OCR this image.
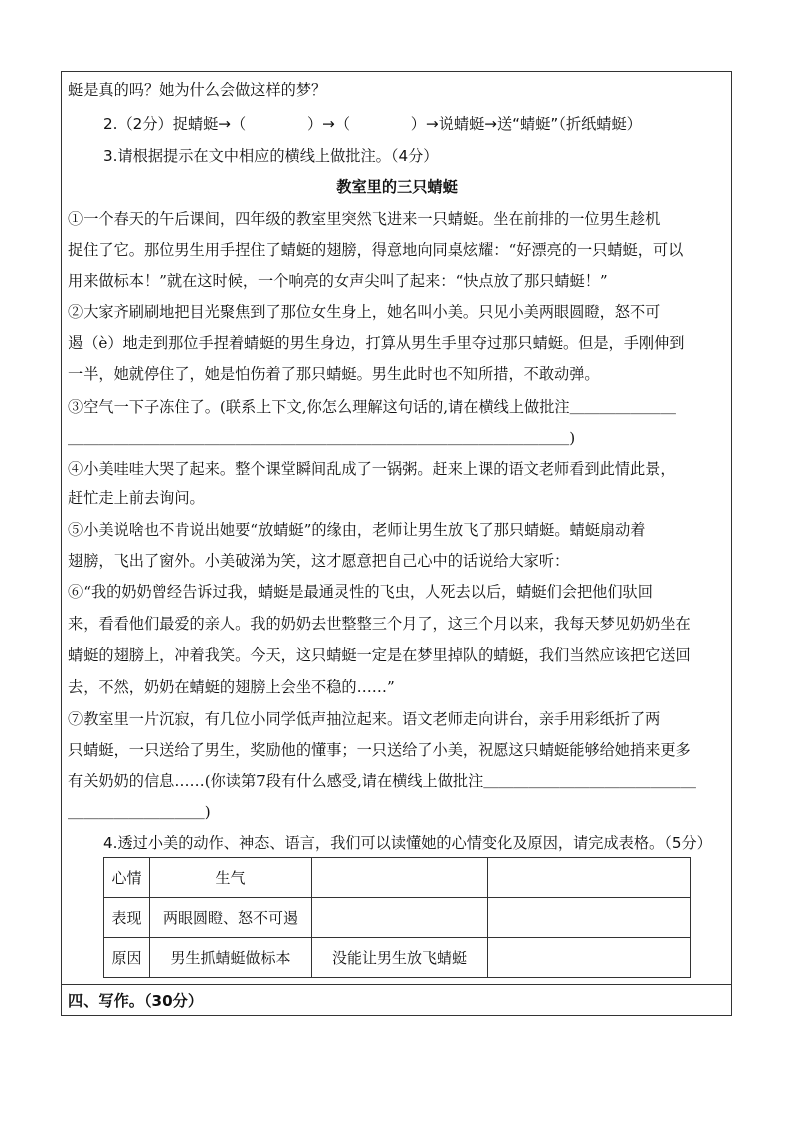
蜓是真的吗？她为什么会做这样的梦？
2.（2分）捉蜻蜓→（　　　　）→（　　　　）→说蜻蜓→送“蜻蜓”（折纸蜻蜓）
3.请根据提示在文中相应的横线上做批注。（4分）
教室里的三只蜻蜓
①一个春天的午后课间，四年级的教室里突然飞进来一只蜻蜓。坐在前排的一位男生趁机
捉住了它。那位男生用手捏住了蜻蜓的翅膀，得意地向同桌炫耀：“好漂亮的一只蜻蜓，可以
用来做标本！”就在这时候，一个响亮的女声尖叫了起来：“快点放了那只蜻蜓！”
②大家齐刷刷地把目光聚焦到了那位女生身上，她名叫小美。只见小美两眼圆瞪，怒不可
遏（è）地走到那位手捏着蜻蜓的男生身边，打算从男生手里夺过那只蜻蜓。但是，手刚伸到
一半，她就停住了，她是怕伤着了那只蜻蜓。男生此时也不知所措，不敢动弹。
③空气一下子冻住了。(联系上下文,你怎么理解这句话的,请在横线上做批注＿＿＿＿＿＿＿
＿＿＿＿＿＿＿＿＿＿＿＿＿＿＿＿＿＿＿＿＿＿＿＿＿＿＿＿＿＿＿＿＿)
④小美哇哇大哭了起来。整个课堂瞬间乱成了一锅粥。赶来上课的语文老师看到此情此景，
赶忙走上前去询问。
⑤小美说啥也不肯说出她要“放蜻蜓”的缘由，老师让男生放飞了那只蜻蜓。蜻蜓扇动着
翅膀，飞出了窗外。小美破涕为笑，这才愿意把自己心中的话说给大家听：
⑥“我的奶奶曾经告诉过我，蜻蜓是最通灵性的飞虫，人死去以后，蜻蜓们会把他们驮回
来，看看他们最爱的亲人。我的奶奶去世整整三个月了，这三个月以来，我每天梦见奶奶坐在
蜻蜓的翅膀上，冲着我笑。今天，这只蜻蜓一定是在梦里掉队的蜻蜓，我们当然应该把它送回
去，不然，奶奶在蜻蜓的翅膀上会坐不稳的……”
⑦教室里一片沉寂，有几位小同学低声抽泣起来。语文老师走向讲台，亲手用彩纸折了两
只蜻蜓，一只送给了男生，奖励他的懂事；一只送给了小美，祝愿这只蜻蜓能够给她捎来更多
有关奶奶的信息……(你读第7段有什么感受,请在横线上做批注＿＿＿＿＿＿＿＿＿＿＿＿＿＿
＿＿＿＿＿＿＿＿＿)
4.透过小美的动作、神态、语言，我们可以读懂她的心情变化及原因，请完成表格。（5分）
心情	生气		
表现	两眼圆瞪、怒不可遏		
原因	男生抓蜻蜓做标本	没能让男生放飞蜻蜓	
四、写作。（30分）
